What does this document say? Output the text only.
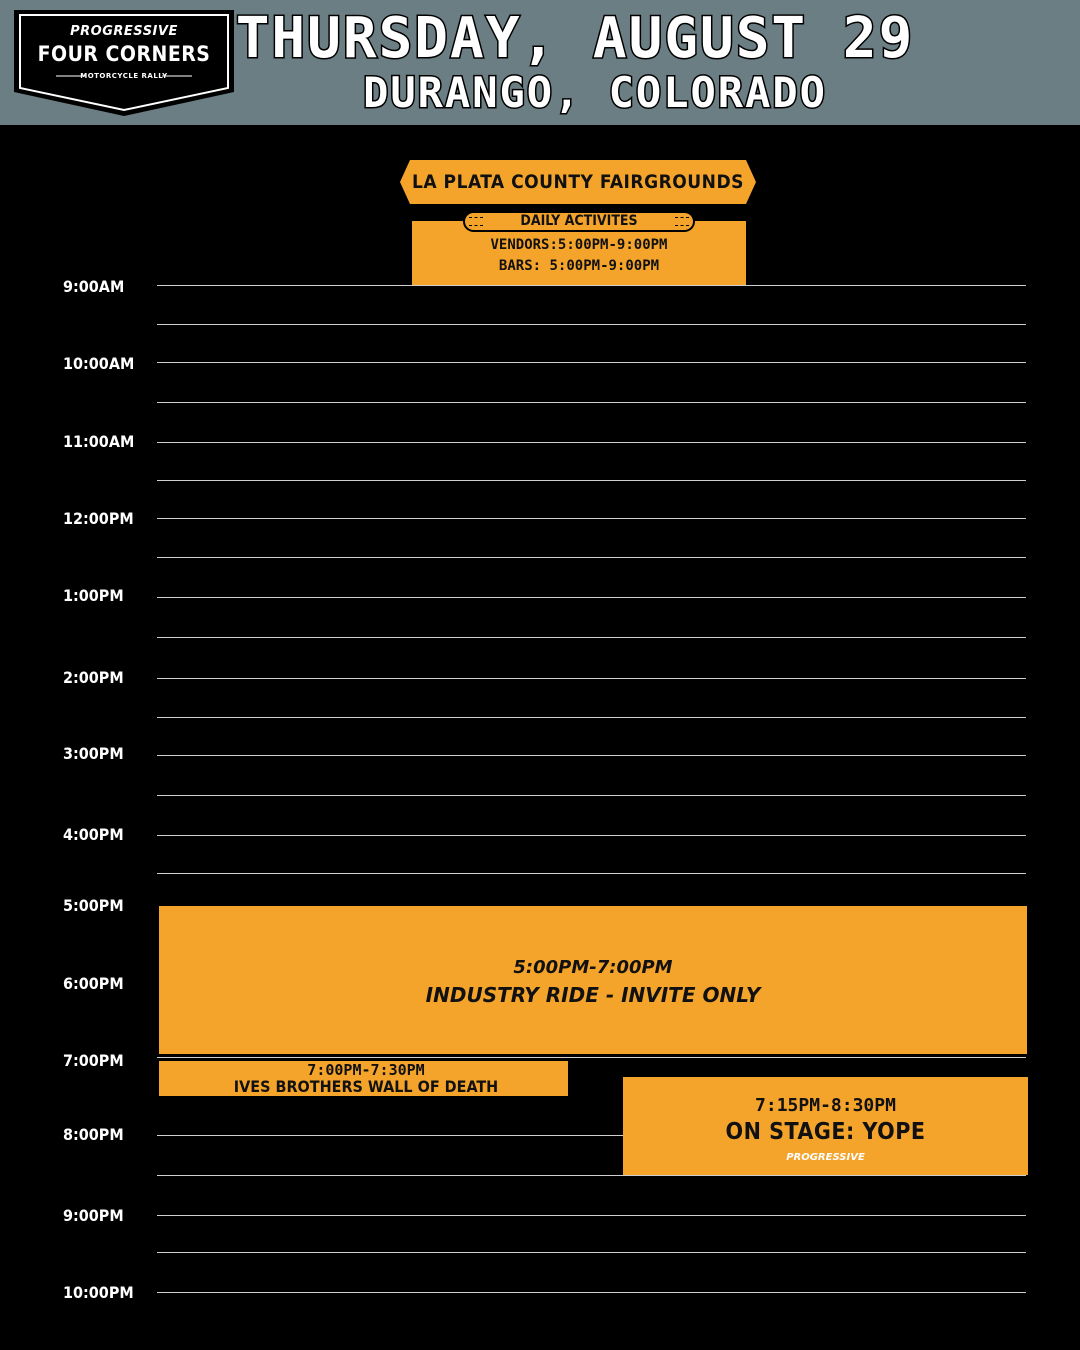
PROGRESSIVE
FOUR CORNERS
MOTORCYCLE RALLY
THURSDAY, AUGUST 29
DURANGO, COLORADO
LA PLATA COUNTY FAIRGROUNDS
DAILY ACTIVITES
VENDORS:5:00PM-9:00PM
BARS: 5:00PM-9:00PM
9:00AM
10:00AM
11:00AM
12:00PM
1:00PM
2:00PM
3:00PM
4:00PM
5:00PM
6:00PM
7:00PM
8:00PM
9:00PM
10:00PM
5:00PM-7:00PM
INDUSTRY RIDE - INVITE ONLY
7:00PM-7:30PM
IVES BROTHERS WALL OF DEATH
7:15PM-8:30PM
ON STAGE: YOPE
PROGRESSIVE
